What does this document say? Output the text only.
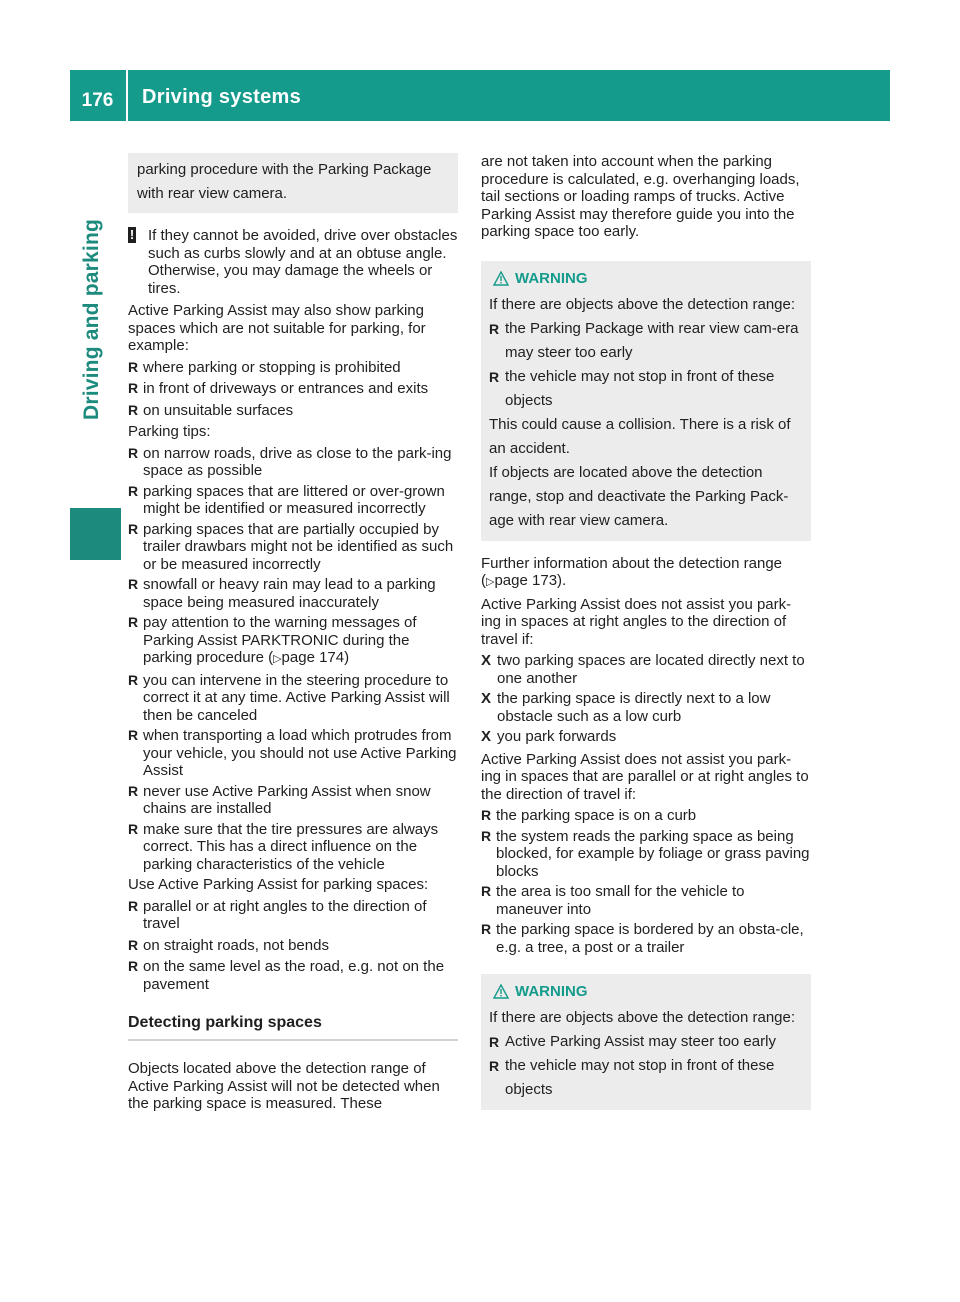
176	Driving systems
Driving and parking
parking procedure with the Parking Package with rear view camera.
! If they cannot be avoided, drive over obstacles such as curbs slowly and at an obtuse angle. Otherwise, you may damage the wheels or tires.

Active Parking Assist may also show parking spaces which are not suitable for parking, for example:

R where parking or stopping is prohibited
R in front of driveways or entrances and exits
R on unsuitable surfaces

Parking tips:

R on narrow roads, drive as close to the park-ing space as possible
R parking spaces that are littered or over-grown might be identified or measured incorrectly
R parking spaces that are partially occupied by trailer drawbars might not be identified as such or be measured incorrectly
R snowfall or heavy rain may lead to a parking space being measured inaccurately
R pay attention to the warning messages of Parking Assist PARKTRONIC during the parking procedure (▷page 174)
R you can intervene in the steering procedure to correct it at any time. Active Parking Assist will then be canceled
R when transporting a load which protrudes from your vehicle, you should not use Active Parking Assist
R never use Active Parking Assist when snow chains are installed
R make sure that the tire pressures are always correct. This has a direct influence on the parking characteristics of the vehicle

Use Active Parking Assist for parking spaces:

R parallel or at right angles to the direction of travel
R on straight roads, not bends
R on the same level as the road, e.g. not on the pavement
Detecting parking spaces

Objects located above the detection range of Active Parking Assist will not be detected when the parking space is measured. These

are not taken into account when the parking procedure is calculated, e.g. overhanging loads, tail sections or loading ramps of trucks. Active Parking Assist may therefore guide you into the parking space too early.

WARNING
If there are objects above the detection range:
R the Parking Package with rear view cam-era may steer too early
R the vehicle may not stop in front of these objects
This could cause a collision. There is a risk of an accident.
If objects are located above the detection range, stop and deactivate the Parking Pack-age with rear view camera.

Further information about the detection range (▷page 173).

Active Parking Assist does not assist you park-ing in spaces at right angles to the direction of travel if:

X two parking spaces are located directly next to one another
X the parking space is directly next to a low obstacle such as a low curb
X you park forwards

Active Parking Assist does not assist you park-ing in spaces that are parallel or at right angles to the direction of travel if:

R the parking space is on a curb
R the system reads the parking space as being blocked, for example by foliage or grass paving blocks
R the area is too small for the vehicle to maneuver into
R the parking space is bordered by an obsta-cle, e.g. a tree, a post or a trailer
WARNING
If there are objects above the detection range:
R Active Parking Assist may steer too early
R the vehicle may not stop in front of these objects
